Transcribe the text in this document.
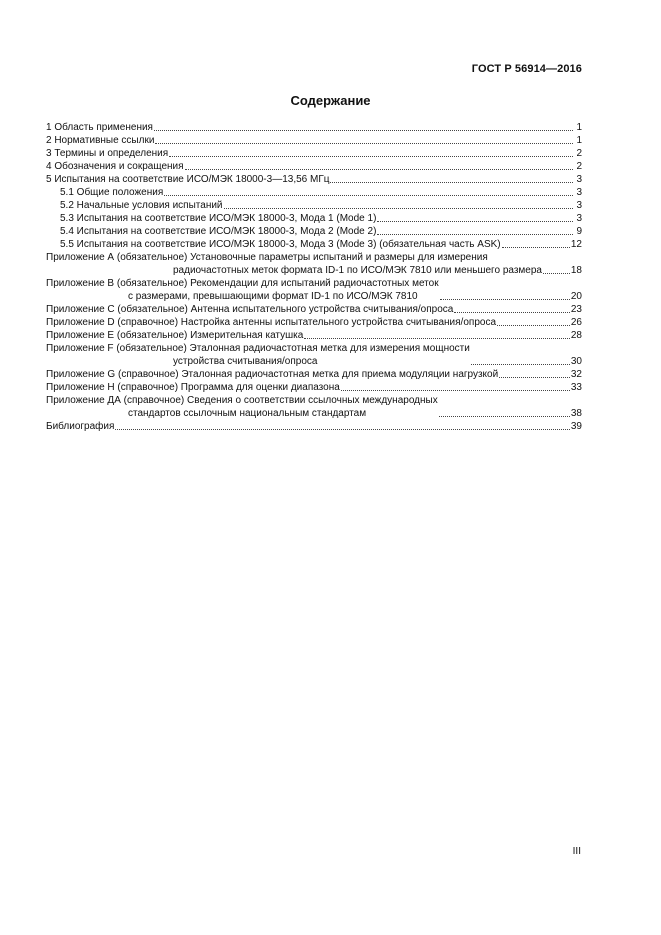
ГОСТ Р 56914—2016
Содержание
1 Область применения	1
2 Нормативные ссылки	1
3 Термины и определения	2
4 Обозначения и сокращения	2
5 Испытания на соответствие ИСО/МЭК 18000-3—13,56 МГц	3
5.1 Общие положения	3
5.2 Начальные условия испытаний	3
5.3 Испытания на соответствие ИСО/МЭК 18000-3, Мода 1 (Mode 1)	3
5.4 Испытания на соответствие ИСО/МЭК 18000-3, Мода 2 (Mode 2)	9
5.5 Испытания на соответствие ИСО/МЭК 18000-3, Мода 3 (Mode 3) (обязательная часть ASK)	12
Приложение А (обязательное) Установочные параметры испытаний и размеры для измерения
радиочастотных меток формата ID-1 по ИСО/МЭК 7810 или меньшего размера	18
Приложение В (обязательное) Рекомендации для испытаний радиочастотных меток
с размерами, превышающими формат ID-1 по ИСО/МЭК 7810	20
Приложение С (обязательное) Антенна испытательного устройства считывания/опроса	23
Приложение D (справочное) Настройка антенны испытательного устройства считывания/опроса	26
Приложение Е (обязательное) Измерительная катушка	28
Приложение F (обязательное) Эталонная радиочастотная метка для измерения мощности
устройства считывания/опроса	30
Приложение G (справочное) Эталонная радиочастотная метка для приема модуляции нагрузкой	32
Приложение Н (справочное) Программа для оценки диапазона	33
Приложение ДА (справочное) Сведения о соответствии ссылочных международных
стандартов ссылочным национальным стандартам	38
Библиография	39
III
